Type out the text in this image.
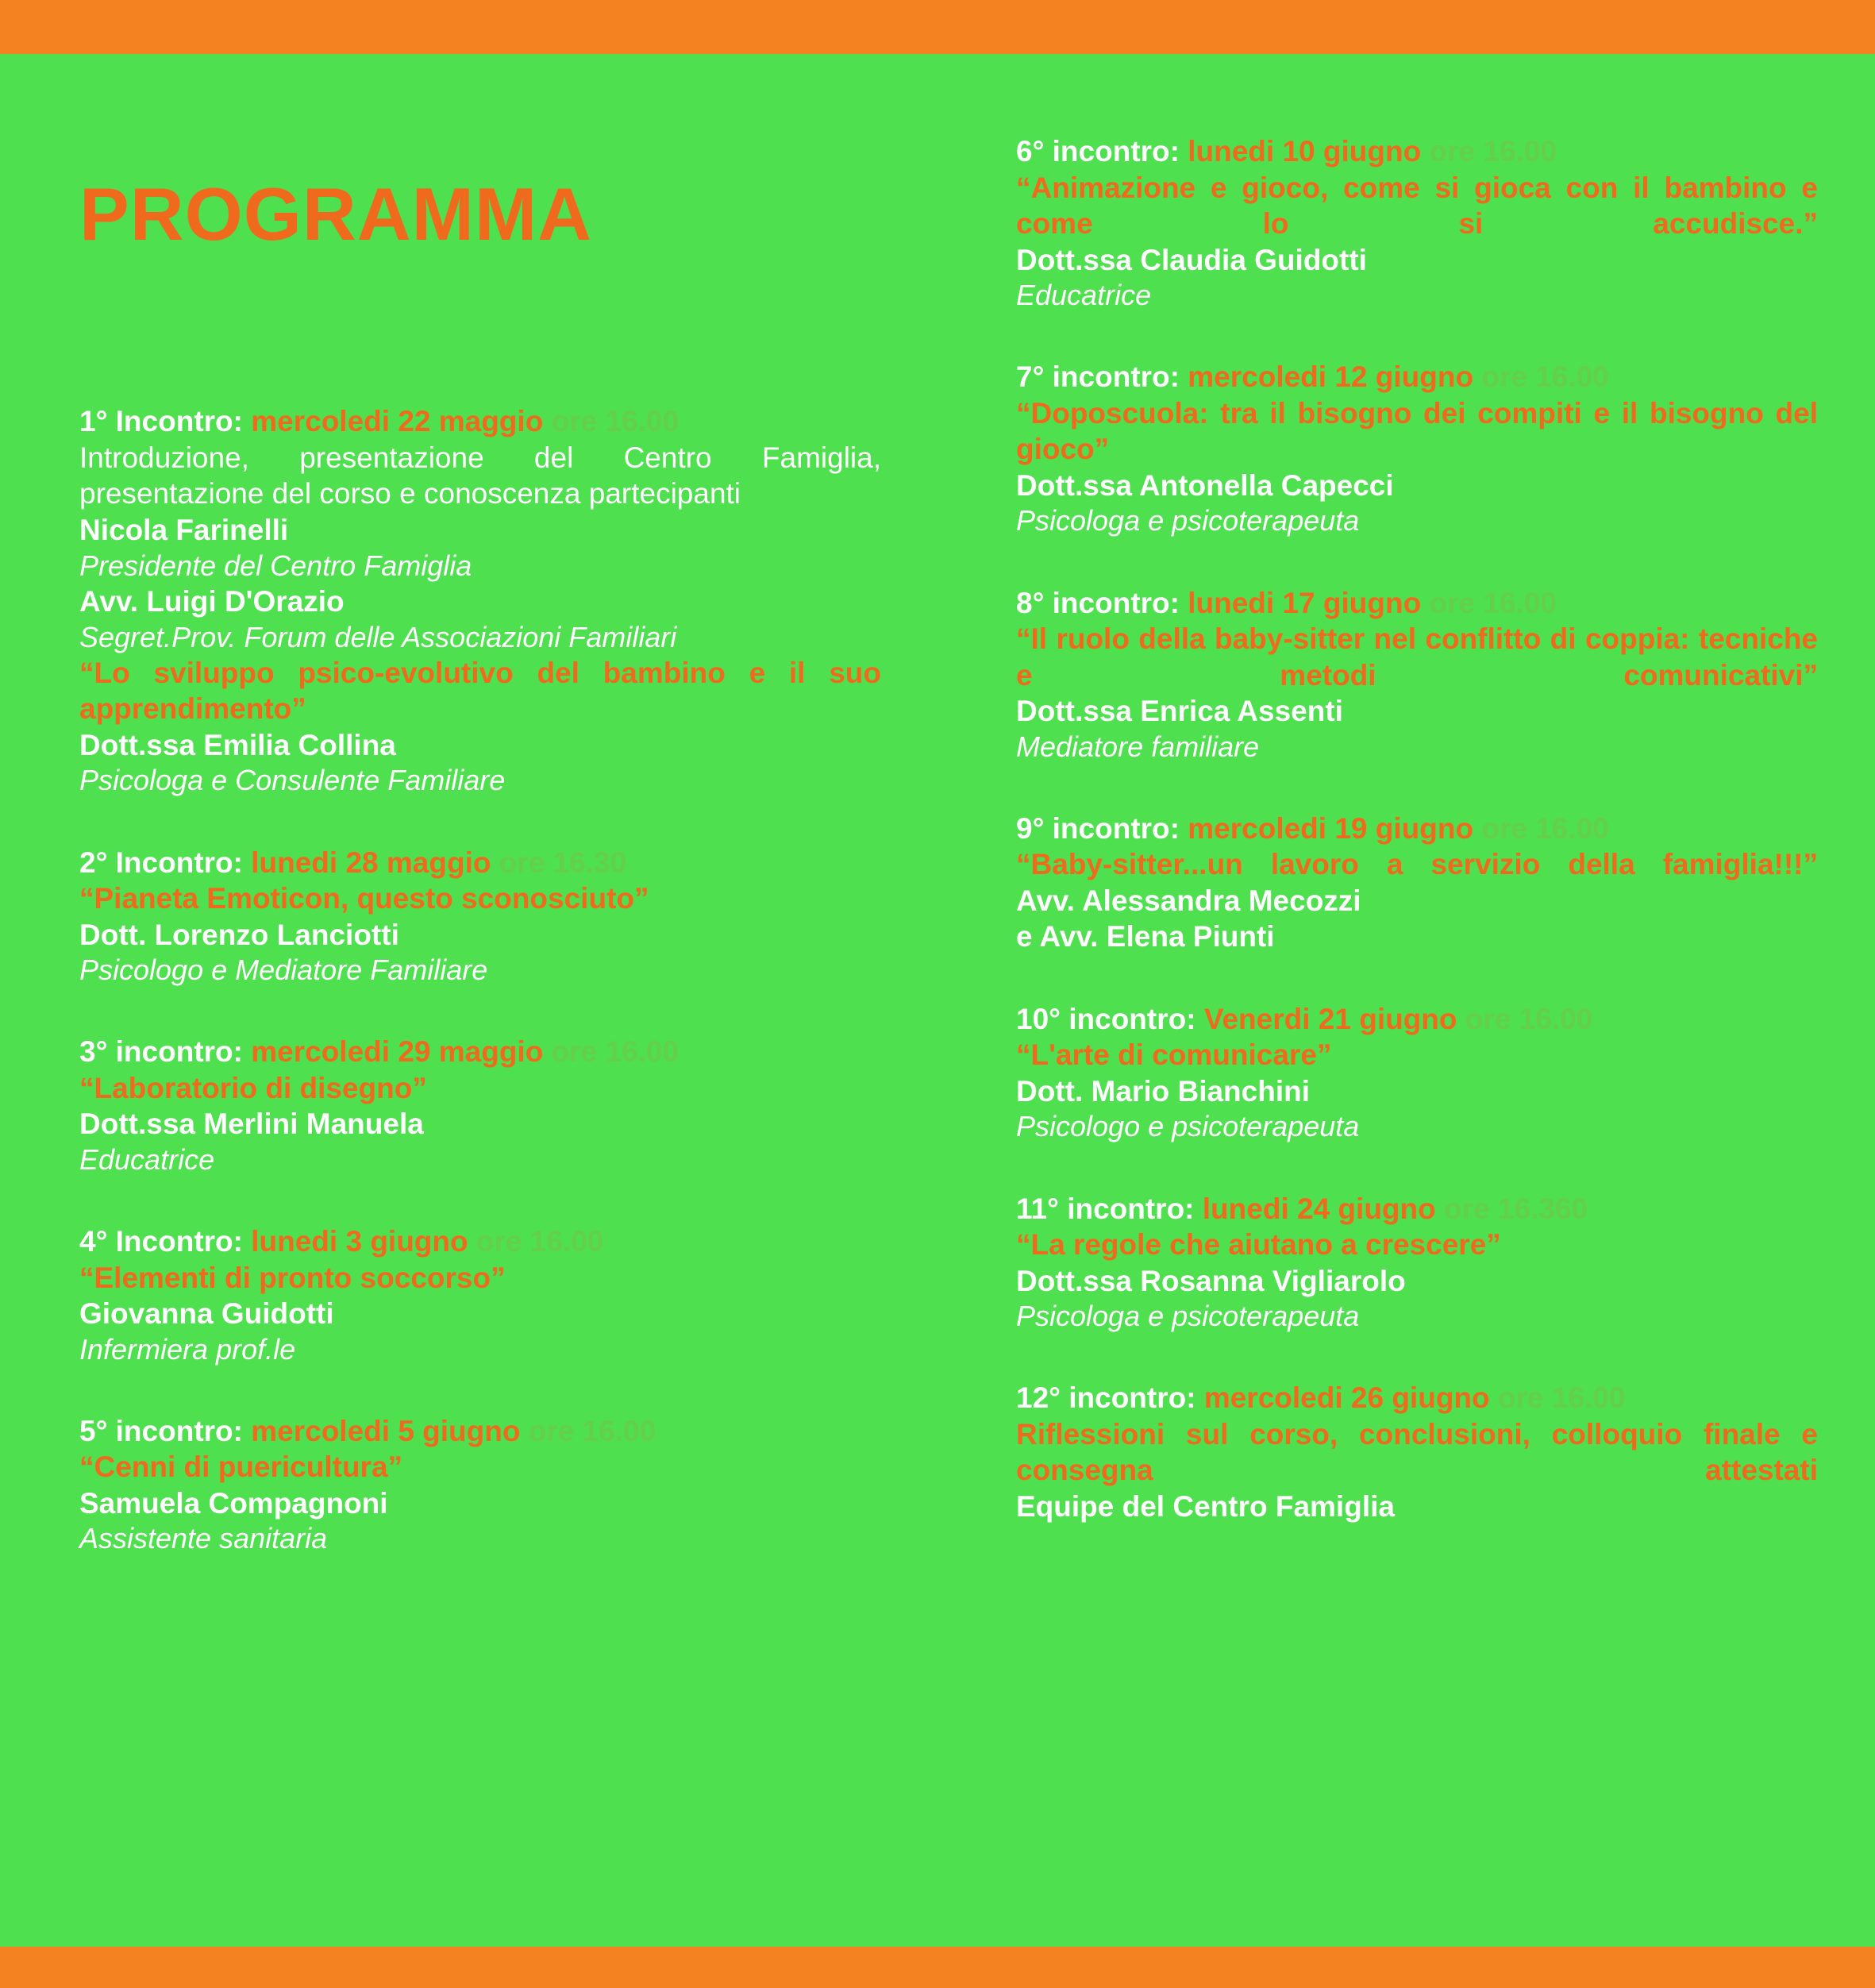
PROGRAMMA
1° Incontro: mercoledi 22 maggio ore 16.00
Introduzione, presentazione del Centro Famiglia, presentazione del corso e conoscenza partecipanti
Nicola Farinelli
Presidente del Centro Famiglia
Avv. Luigi D'Orazio
Segret.Prov. Forum delle Associazioni Familiari
“Lo sviluppo psico-evolutivo del bambino e il suo apprendimento”
Dott.ssa Emilia Collina
Psicologa e Consulente Familiare
2° Incontro: lunedi 28 maggio ore 16.30
“Pianeta Emoticon, questo sconosciuto”
Dott. Lorenzo Lanciotti
Psicologo e Mediatore Familiare
3° incontro: mercoledi 29 maggio ore 16.00
“Laboratorio di disegno”
Dott.ssa Merlini Manuela
Educatrice
4° Incontro: lunedi 3 giugno ore 16.00
“Elementi di pronto soccorso”
Giovanna Guidotti
Infermiera prof.le
5° incontro: mercoledi 5 giugno ore 16.00
“Cenni di puericultura”
Samuela Compagnoni
Assistente sanitaria
6° incontro: lunedi 10 giugno ore 16.00
“Animazione e gioco, come si gioca con il bambino e come lo si accudisce.”
Dott.ssa Claudia Guidotti
Educatrice
7° incontro: mercoledi 12 giugno ore 16.00
“Doposcuola: tra il bisogno dei compiti e il bisogno del gioco”
Dott.ssa Antonella Capecci
Psicologa e psicoterapeuta
8° incontro: lunedi 17 giugno ore 16.00
“Il ruolo della baby-sitter nel conflitto di coppia: tecniche e metodi comunicativi”
Dott.ssa Enrica Assenti
Mediatore familiare
9° incontro: mercoledi 19 giugno ore 16.00
“Baby-sitter...un lavoro a servizio della famiglia!!!”
Avv. Alessandra Mecozzi
e Avv. Elena Piunti
10° incontro: Venerdi 21 giugno ore 16.00
“L'arte di comunicare”
Dott. Mario Bianchini
Psicologo e psicoterapeuta
11° incontro: lunedi 24 giugno ore 16.360
“La regole che aiutano a crescere”
Dott.ssa Rosanna Vigliarolo
Psicologa e psicoterapeuta
12° incontro: mercoledi 26 giugno ore 16.00
Riflessioni sul corso, conclusioni, colloquio finale e consegna attestati
Equipe del Centro Famiglia
